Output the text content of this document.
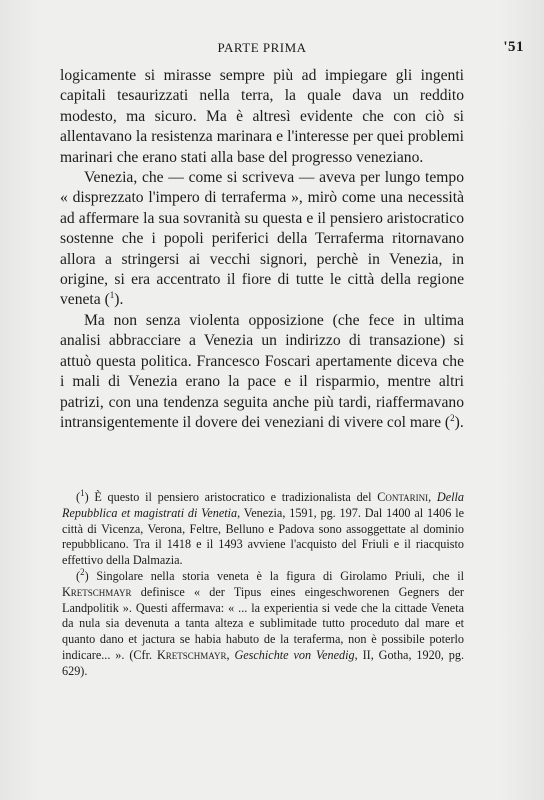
PARTE PRIMA	'51

logicamente si mirasse sempre più ad impiegare gli ingenti capitali tesaurizzati nella terra, la quale dava un reddito modesto, ma sicuro. Ma è altresì evidente che con ciò si allentavano la resistenza marinara e l'interesse per quei problemi marinari che erano stati alla base del progresso veneziano.

Venezia, che — come si scriveva — aveva per lungo tempo « disprezzato l'impero di terraferma », mirò come una necessità ad affermare la sua sovranità su questa e il pensiero aristocratico sostenne che i popoli periferici della Terraferma ritornavano allora a stringersi ai vecchi signori, perchè in Venezia, in origine, si era accentrato il fiore di tutte le città della regione veneta ($^1$).

Ma non senza violenta opposizione (che fece in ultima analisi abbracciare a Venezia un indirizzo di transazione) si attuò questa politica. Francesco Foscari apertamente diceva che i mali di Venezia erano la pace e il risparmio, mentre altri patrizi, con una tendenza seguita anche più tardi, riaffermavano intransigentemente il dovere dei veneziani di vivere col mare ($^2$).

($^1$) È questo il pensiero aristocratico e tradizionalista del Contarini, Della Repubblica et magistrati di Venetia, Venezia, 1591, pg. 197. Dal 1400 al 1406 le città di Vicenza, Verona, Feltre, Belluno e Padova sono assoggettate al dominio repubblicano. Tra il 1418 e il 1493 avviene l'acquisto del Friuli e il riacquisto effettivo della Dalmazia.

($^2$) Singolare nella storia veneta è la figura di Girolamo Priuli, che il Kretschmayr definisce « der Tipus eines eingeschworenen Gegners der Landpolitik ». Questi affermava: « ... la experientia si vede che la cittade Veneta da nula sia devenuta a tanta alteza e sublimitade tutto proceduto dal mare et quanto dano et jactura se habia habuto de la teraferma, non è possibile poterlo indicare... ». (Cfr. Kretschmayr, Geschichte von Venedig, II, Gotha, 1920, pg. 629).
